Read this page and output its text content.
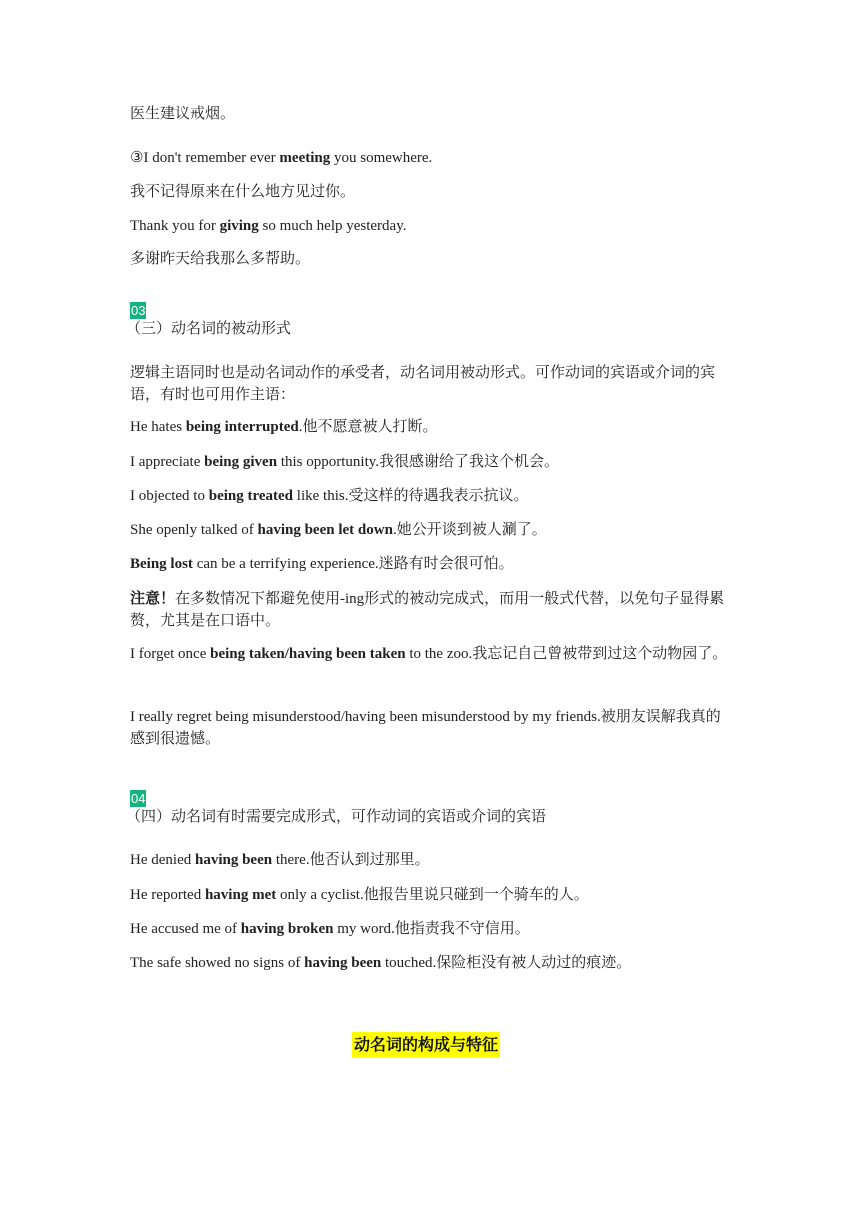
医生建议戒烟。
③I don't remember ever meeting you somewhere.
我不记得原来在什么地方见过你。
Thank you for giving so much help yesterday.
多谢昨天给我那么多帮助。
03
（三）动名词的被动形式
逻辑主语同时也是动名词动作的承受者，动名词用被动形式。可作动词的宾语或介词的宾语，有时也可用作主语：
He hates being interrupted.他不愿意被人打断。
I appreciate being given this opportunity.我很感谢给了我这个机会。
I objected to being treated like this.受这样的待遇我表示抗议。
She openly talked of having been let down.她公开谈到被人涮了。
Being lost can be a terrifying experience.迷路有时会很可怕。
注意！在多数情况下都避免使用-ing形式的被动完成式，而用一般式代替，以免句子显得累赘，尤其是在口语中。
I forget once being taken/having been taken to the zoo.我忘记自己曾被带到过这个动物园了。
I really regret being misunderstood/having been misunderstood by my friends.被朋友误解我真的感到很遗憾。
04
（四）动名词有时需要完成形式，可作动词的宾语或介词的宾语
He denied having been there.他否认到过那里。
He reported having met only a cyclist.他报告里说只碰到一个骑车的人。
He accused me of having broken my word.他指责我不守信用。
The safe showed no signs of having been touched.保险柜没有被人动过的痕迹。
动名词的构成与特征
